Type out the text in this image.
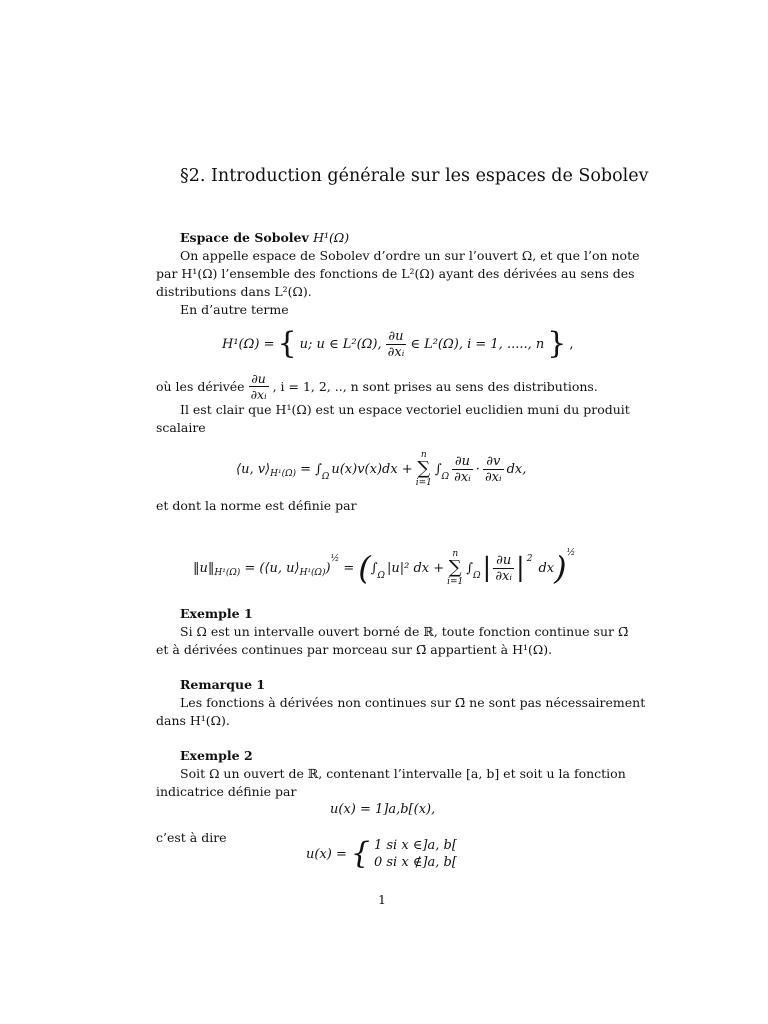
§2. Introduction générale sur les espaces de Sobolev
Espace de Sobolev H¹(Ω)
On appelle espace de Sobolev d’ordre un sur l’ouvert Ω, et que l’on note
par H¹(Ω) l’ensemble des fonctions de L²(Ω) ayant des dérivées au sens des
distributions dans L²(Ω).
En d’autre terme
H¹(Ω) = { u; u ∈ L²(Ω), $\frac{\partial u}{\text{∂xᵢ}}$ ∈ L²(Ω), i = 1, ....., n } ,
où les dérivée $\frac{\partial u}{\text{∂xᵢ}}$ , i = 1, 2, .., n sont prises au sens des distributions.
Il est clair que H¹(Ω) est un espace vectoriel euclidien muni du produit
scalaire
⟨u, v⟩ H¹(Ω) = ∫
Ω
u(x)v(x)dx +
n
∑
i=1
∫
Ω $\frac{\partial u}{\text{∂xᵢ}} \cdot \frac{\partial v}{\text{∂xᵢ}}$ dx,
et dont la norme est définie par
‖u‖ H¹(Ω) = (⟨u, u⟩ H¹(Ω) )
½
= ( ∫
Ω
|u|² dx +
n
∑
i=1
∫
Ω | $\frac{\partial u}{\text{∂xᵢ}}$ | 2
dx ) ½
Exemple 1
Si Ω est un intervalle ouvert borné de ℝ, toute fonction continue sur Ω̄
et à dérivées continues par morceau sur Ω̄ appartient à H¹(Ω).
Remarque 1
Les fonctions à dérivées non continues sur Ω̄ ne sont pas nécessairement
dans H¹(Ω).
Exemple 2
Soit Ω un ouvert de ℝ, contenant l’intervalle [a, b] et soit u la fonction
indicatrice définie par
u(x) = 1]a,b[(x),
c’est à dire
u(x) = { 1 si x ∈]a, b[
0 si x ∉]a, b[
1
